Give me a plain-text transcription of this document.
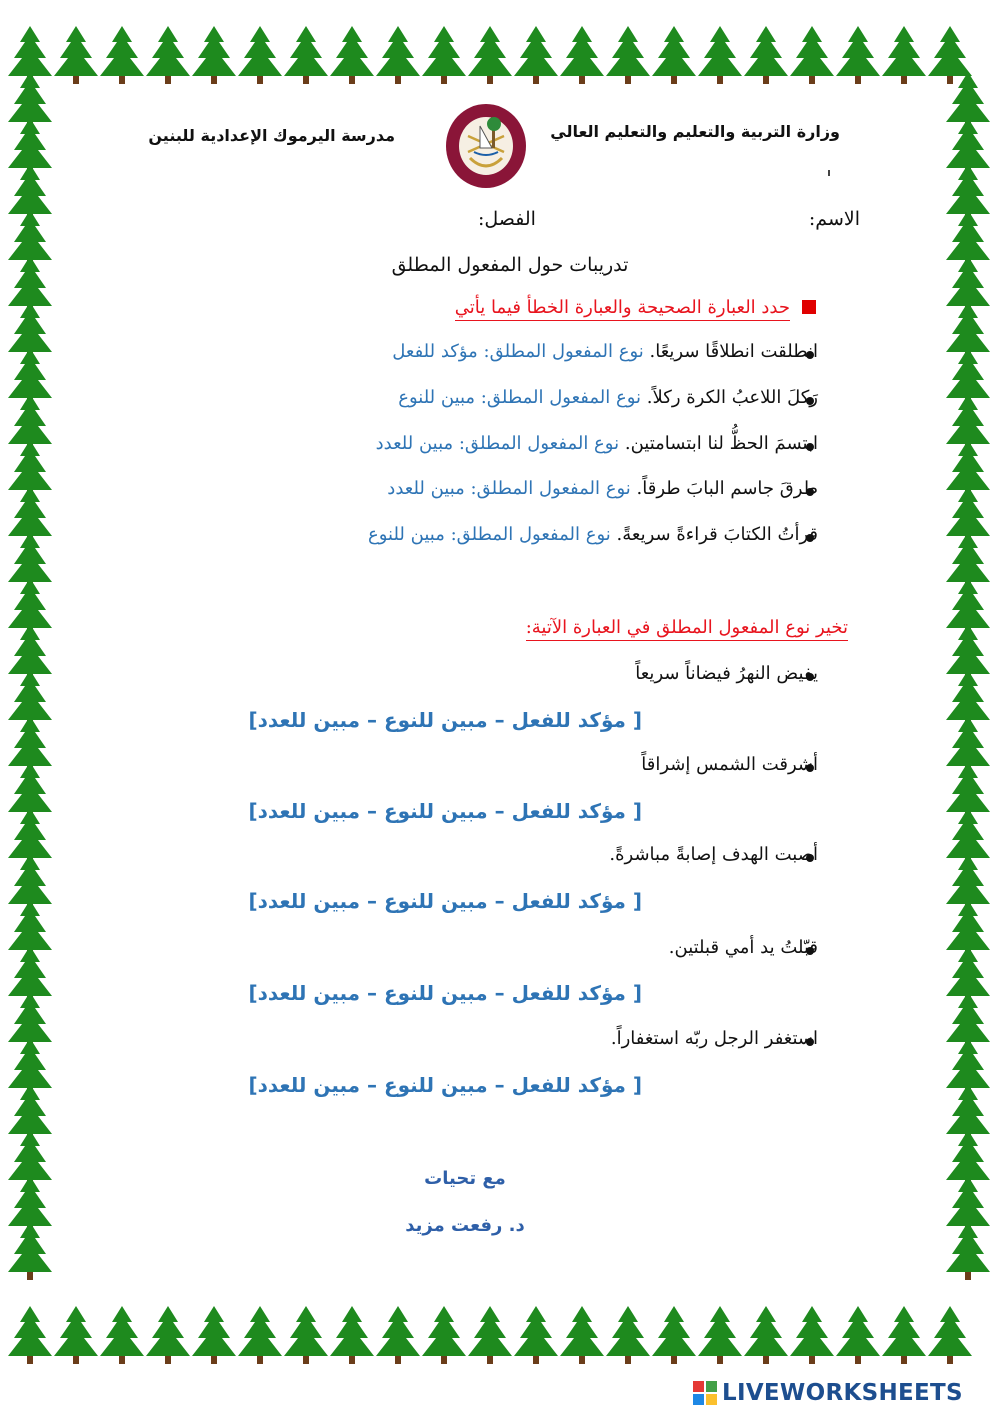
مدرسة اليرموك الإعدادية للبنين	وزارة التربية والتعليم والتعليم العالي
الاسم:
الفصل:
تدريبات حول المفعول المطلق
حدد العبارة الصحيحة والعبارة الخطأ فيما يأتي
انطلقت انطلاقًا سريعًا. نوع المفعول المطلق: مؤكد للفعل
رَكلَ اللاعبُ الكرة ركلاً. نوع المفعول المطلق: مبين للنوع
ابتسمَ الحظُّ لنا ابتسامتين. نوع المفعول المطلق: مبين للعدد
طرقَ جاسم البابَ طرقاً. نوع المفعول المطلق: مبين للعدد
قرأتُ الكتابَ قراءةً سريعةً. نوع المفعول المطلق: مبين للنوع
تخير نوع المفعول المطلق في العبارة الآتية:
يفيض النهرُ فيضاناً سريعاً
[ مؤكد للفعل – مبين للنوع – مبين للعدد]
أشرقت الشمس إشراقاً
[ مؤكد للفعل – مبين للنوع – مبين للعدد]
أصبت الهدف إصابةً مباشرةً.
[ مؤكد للفعل – مبين للنوع – مبين للعدد]
قبّلتُ يد أمي قبلتين.
[ مؤكد للفعل – مبين للنوع – مبين للعدد]
استغفر الرجل ربّه استغفاراً.
[ مؤكد للفعل – مبين للنوع – مبين للعدد]
مع تحيات
د. رفعت مزيد
LIVEWORKSHEETS
